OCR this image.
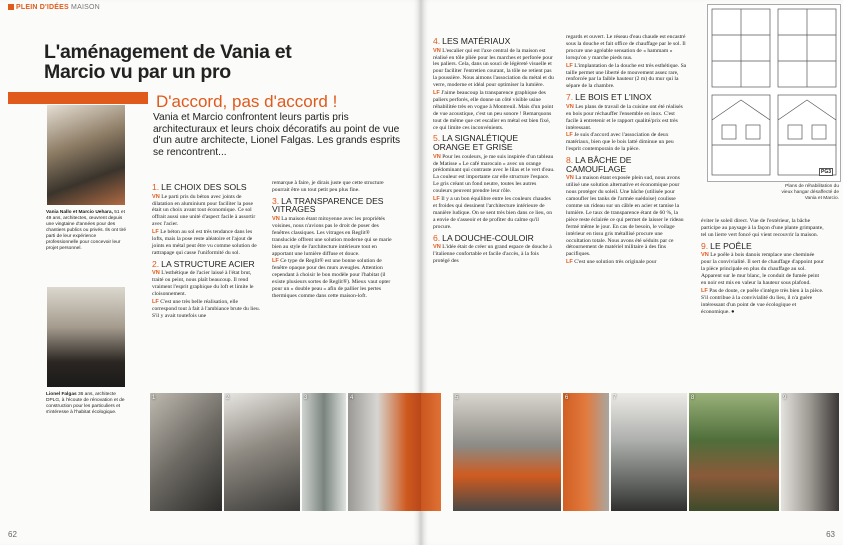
PLEIN D'IDÉES MAISON
L'aménagement de Vania et Marcio vu par un pro
D'accord, pas d'accord !
Vania et Marcio confrontent leurs partis pris architecturaux et leurs choix décoratifs au point de vue d'un autre architecte, Lionel Falgas. Les grands esprits se rencontrent...
Vania Nallo et Marcio Uehara, 51 et 49 ans, architectes, œuvrent depuis une vingtaine d'années pour des chantiers publics ou privés. Ils ont tiré parti de leur expérience professionnelle pour concevoir leur projet personnel.
Lionel Falgas 36 ans, architecte DPLG, à l'écoute de rénovation et de construction pour les particuliers et s'intéresse à l'habitat écologique.
1. LE CHOIX DES SOLS

VN Le parti pris du béton avec joints de dilatation en aluminium pour faciliter la pose était un choix avant tout économique. Ce sol offrait aussi une unité d'aspect facile à assortir avec l'acier.

LF Le béton au sol est très tendance dans les lofts, mais la pose reste aléatoire et l'ajout de joints en métal peut être vu comme solution de rattrapage qui casse l'uniformité du sol.

2. LA STRUCTURE ACIER

VN L'esthétique de l'acier laissé à l'état brut, traité ou peint, nous plaît beaucoup. Il rend vraiment l'esprit graphique du loft et limite le cloisonnement.

LF C'est une très belle réalisation, elle correspond tout à fait à l'ambiance brute du lieu. S'il y avait toutefois une

remarque à faire, je dirais juste que cette structure pourrait être un tout petit peu plus fine.

3. LA TRANSPARENCE DES VITRAGES

VN La maison étant mitoyenne avec les propriétés voisines, nous n'avions pas le droit de poser des fenêtres classiques. Les vitrages en Reglit® translucide offrent une solution moderne qui se marie bien au style de l'architecture intérieure tout en apportant une lumière diffuse et douce.

LF Ce type de Reglit® est une bonne solution de fenêtre opaque pour des murs aveugles. Attention cependant à choisir le bon modèle pour l'habitat (il existe plusieurs sortes de Reglit®). Mieux vaut opter pour un « double peau » afin de pallier les pertes thermiques comme dans cette maison-loft.

1	2	3	4
62
4. LES MATÉRIAUX

VN L'escalier qui est l'axe central de la maison est réalisé en tôle pliée pour les marches et perforée pour les paliers. Cela, dans un souci de légèreté visuelle et pour faciliter l'entretien courant, la tôle ne retient pas la poussière. Nous aimons l'association du métal et du verre, moderne et idéal pour optimiser la lumière.

LF J'aime beaucoup la transparence graphique des paliers perforés, elle donne un côté visible usine réhabilitée très en vogue à Montreuil. Mais d'un point de vue acoustique, c'est un peu sonore ! Remarquons tout de même que cet escalier en métal est bien fixé, ce qui limite ces inconvénients.

5. LA SIGNALÉTIQUE ORANGE ET GRISE

VN Pour les couleurs, je me suis inspirée d'un tableau de Matisse « Le café marocain » avec un orange prédominant qui contraste avec le lilas et le vert d'eau. La couleur est importante car elle structure l'espace. Le gris créant un fond neutre, toutes les autres couleurs peuvent prendre leur rôle.

LF Il y a un bon équilibre entre les couleurs chaudes et froides qui dessinent l'architecture intérieure de manière ludique. On se sent très bien dans ce lieu, on a envie de s'asseoir et de profiter du calme qu'il procure.

6. LA DOUCHE-COULOIR

VN L'idée était de créer un grand espace de douche à l'italienne confortable et facile d'accès, à la fois protégé des

regards et ouvert. Le réseau d'eau chaude est encastré sous la douche et fait office de chauffage par le sol. Il procure une agréable sensation de « hammam » lorsqu'on y marche pieds nus.

LF L'implantation de la douche est très esthétique. Sa taille permet une liberté de mouvement assez rare, renforcée par la faible hauteur (2 m) du mur qui la sépare de la chambre.

7. LE BOIS ET L'INOX

VN Les plans de travail de la cuisine ont été réalisés en bois pour réchauffer l'ensemble en inox. C'est facile à entretenir et le rapport qualité/prix est très intéressant.

LF Je suis d'accord avec l'association de deux matériaux, bien que le bois latté diminue un peu l'esprit contemporain de la pièce.

8. LA BÂCHE DE CAMOUFLAGE

VN La maison étant exposée plein sud, nous avons utilisé une solution alternative et économique pour nous protéger du soleil. Une bâche (utilisée pour camoufler les tanks de l'armée suédoise) coulisse comme un rideau sur un câble en acier et tamise la lumière. Le taux de transparence étant de 60 %, la pièce reste éclairée ce qui permet de laisser le rideau fermé même le jour. En cas de besoin, le voilage intérieur en tissu gris métallisé procure une occultation totale. Nous avons été séduits par ce détournement de matériel militaire à des fins pacifiques.

LF C'est une solution très originale pour

éviter le soleil direct. Vue de l'extérieur, la bâche participe au paysage à la façon d'une plante grimpante, tel un lierre vert foncé qui vient recouvrir la maison.

9. LE POÊLE

VN Le poêle à bois danois remplace une cheminée pour la convivialité. Il sert de chauffage d'appoint pour la pièce principale en plus du chauffage au sol. Apparent sur le mur blanc, le conduit de fumée peint en noir est mis en valeur la hauteur sous plafond.

LF Pas de doute, ce poêle s'intègre très bien à la pièce. S'il contribue à la convivialité du lieu, il n'a guère intéressant d'un point de vue écologique et économique. ●

PG3
Plans de réhabilitation du vieux hangar désaffecté de Vania et Marcio.
5	6	7	8	9
63
